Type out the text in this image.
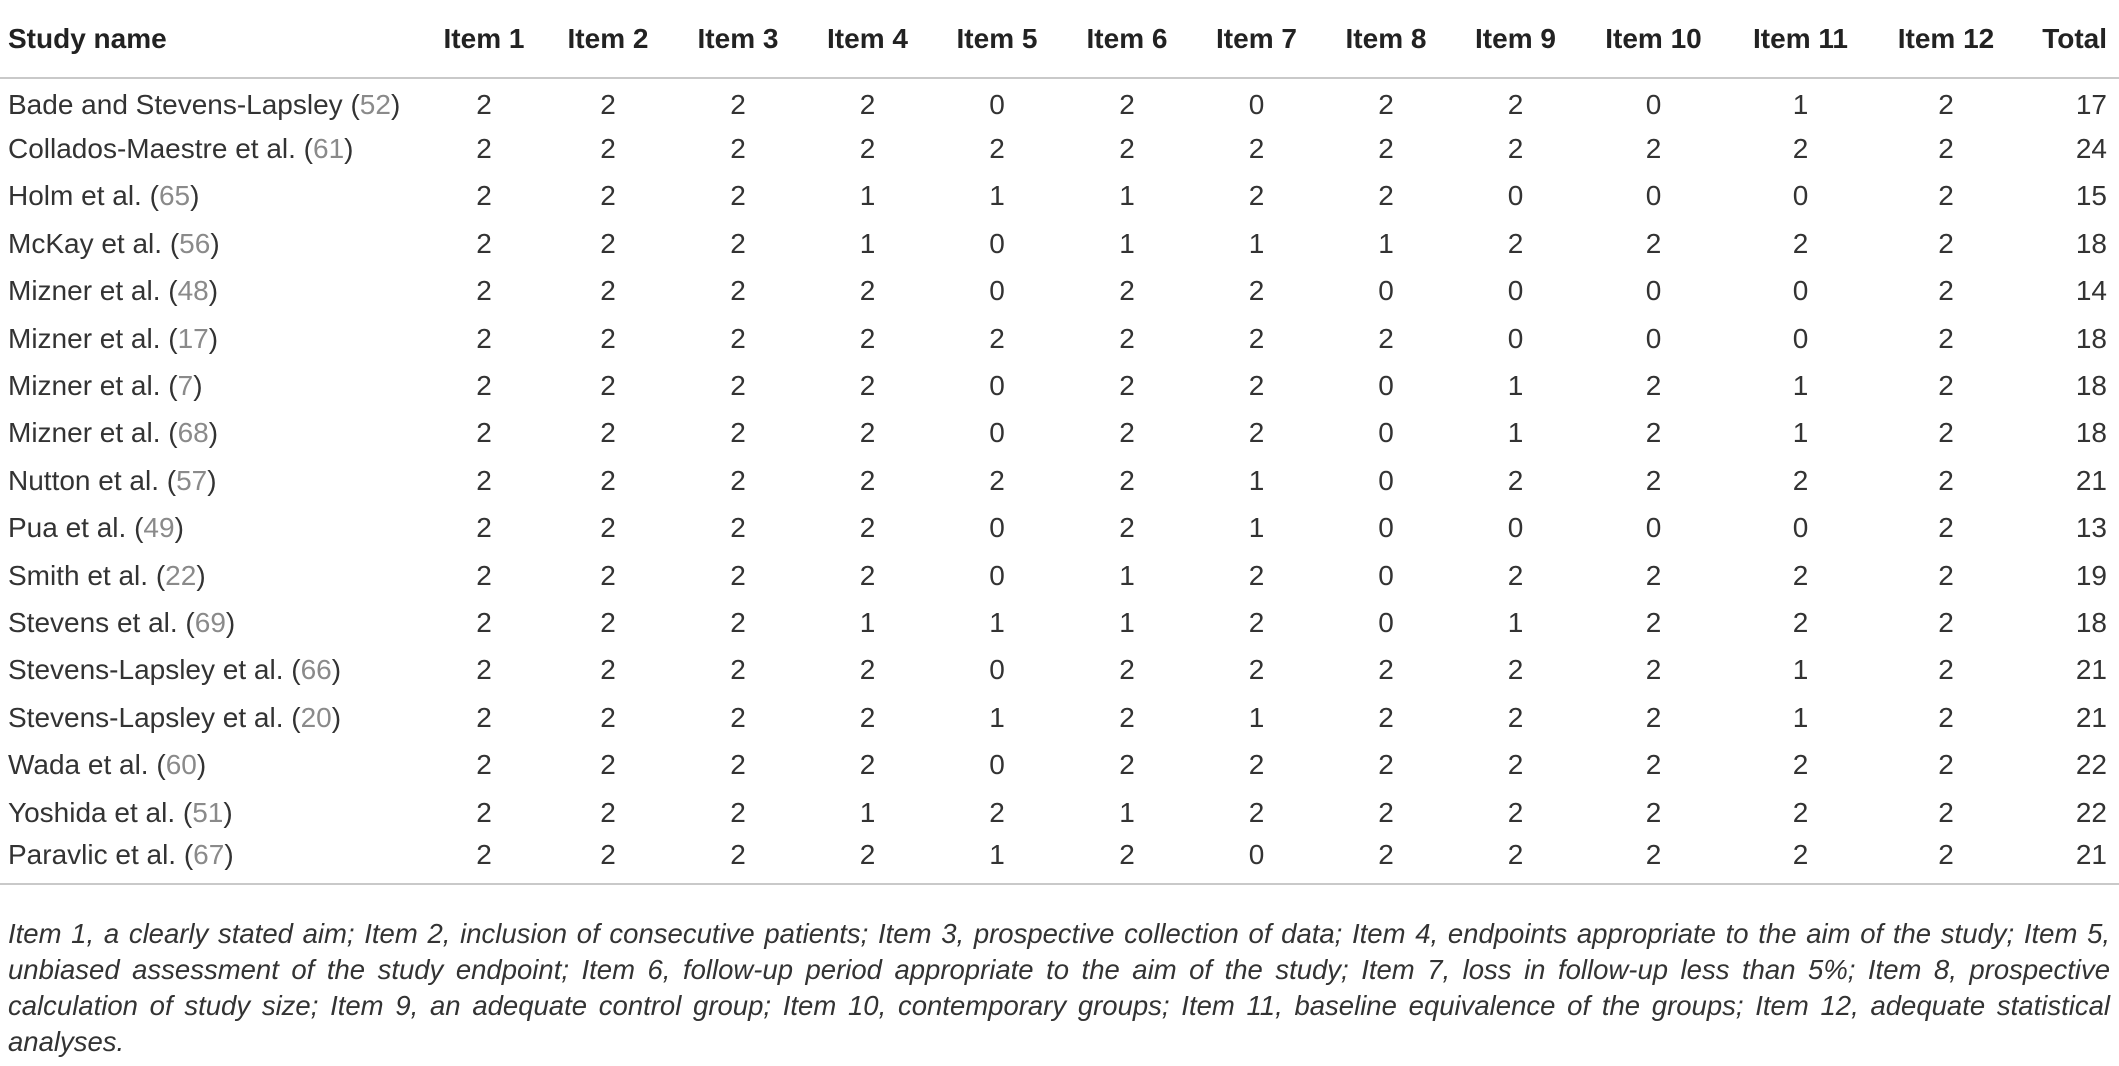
Study name	Item 1	Item 2	Item 3	Item 4	Item 5	Item 6	Item 7	Item 8	Item 9	Item 10	Item 11	Item 12	Total
Bade and Stevens-Lapsley (52)	2	2	2	2	0	2	0	2	2	0	1	2	17
Collados-Maestre et al. (61)	2	2	2	2	2	2	2	2	2	2	2	2	24
Holm et al. (65)	2	2	2	1	1	1	2	2	0	0	0	2	15
McKay et al. (56)	2	2	2	1	0	1	1	1	2	2	2	2	18
Mizner et al. (48)	2	2	2	2	0	2	2	0	0	0	0	2	14
Mizner et al. (17)	2	2	2	2	2	2	2	2	0	0	0	2	18
Mizner et al. (7)	2	2	2	2	0	2	2	0	1	2	1	2	18
Mizner et al. (68)	2	2	2	2	0	2	2	0	1	2	1	2	18
Nutton et al. (57)	2	2	2	2	2	2	1	0	2	2	2	2	21
Pua et al. (49)	2	2	2	2	0	2	1	0	0	0	0	2	13
Smith et al. (22)	2	2	2	2	0	1	2	0	2	2	2	2	19
Stevens et al. (69)	2	2	2	1	1	1	2	0	1	2	2	2	18
Stevens-Lapsley et al. (66)	2	2	2	2	0	2	2	2	2	2	1	2	21
Stevens-Lapsley et al. (20)	2	2	2	2	1	2	1	2	2	2	1	2	21
Wada et al. (60)	2	2	2	2	0	2	2	2	2	2	2	2	22
Yoshida et al. (51)	2	2	2	1	2	1	2	2	2	2	2	2	22
Paravlic et al. (67)	2	2	2	2	1	2	0	2	2	2	2	2	21
Item 1, a clearly stated aim; Item 2, inclusion of consecutive patients; Item 3, prospective collection of data; Item 4, endpoints appropriate to the aim of the study; Item 5, unbiased assessment of the study endpoint; Item 6, follow-up period appropriate to the aim of the study; Item 7, loss in follow-up less than 5%; Item 8, prospective calculation of study size; Item 9, an adequate control group; Item 10, contemporary groups; Item 11, baseline equivalence of the groups; Item 12, adequate statistical analyses.
